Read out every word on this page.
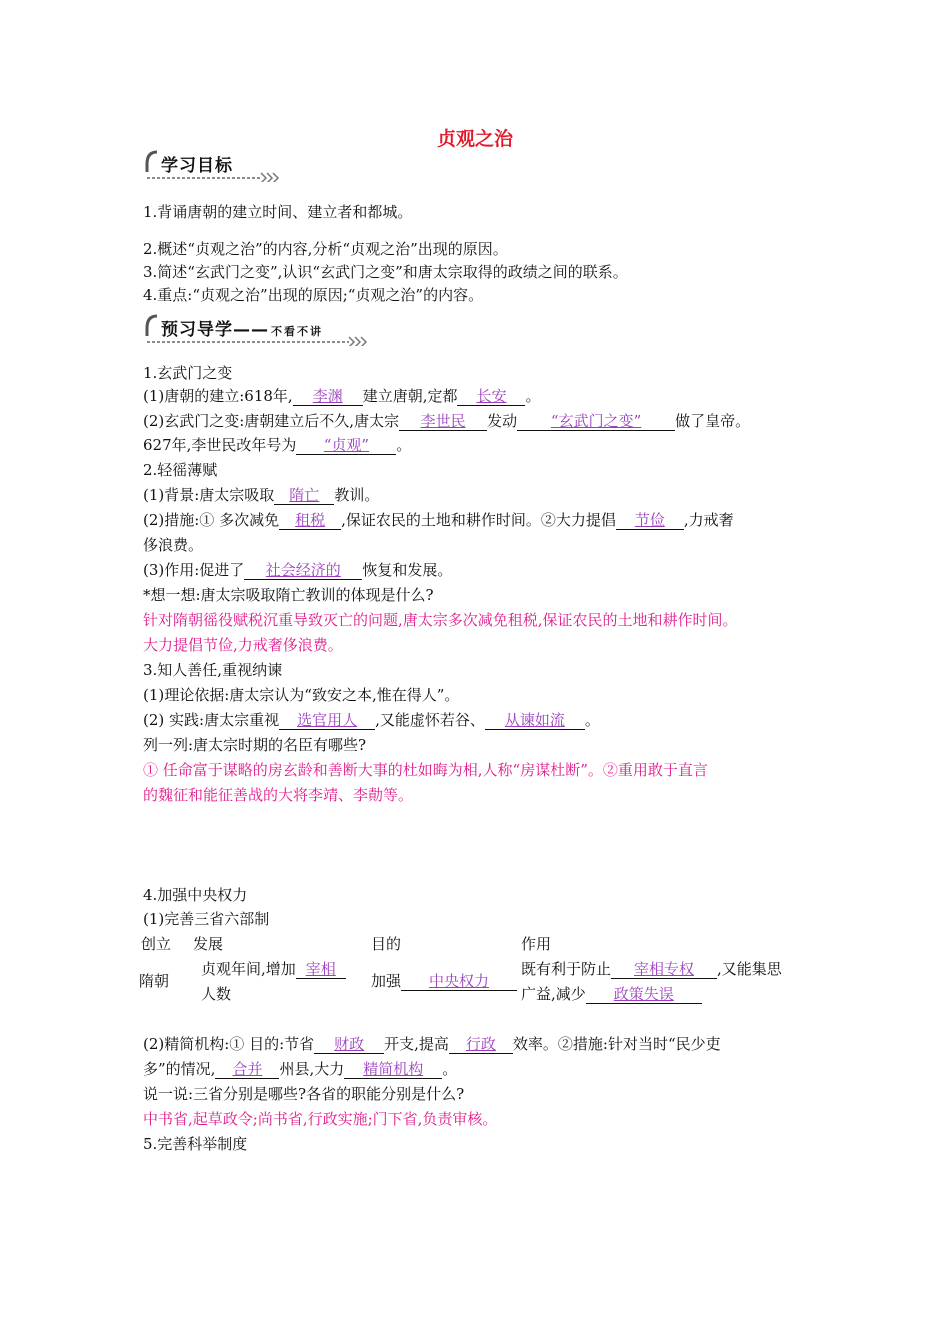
贞观之治
学习目标
1.背诵唐朝的建立时间、建立者和都城。
2.概述“贞观之治”的内容,分析“贞观之治”出现的原因。
3.简述“玄武门之变”,认识“玄武门之变”和唐太宗取得的政绩之间的联系。
4.重点:“贞观之治”出现的原因;“贞观之治”的内容。
预习导学—— 不看不讲
1.玄武门之变
(1)唐朝的建立:618年, 李渊 建立唐朝,定都 长安 。
(2)玄武门之变:唐朝建立后不久,唐太宗 李世民 发动 “玄武门之变” 做了皇帝。
627年,李世民改年号为 “贞观” 。
2.轻徭薄赋
(1)背景:唐太宗吸取 隋亡 教训。
(2)措施:① 多次减免 租税 ,保证农民的土地和耕作时间。②大力提倡 节俭 ,力戒奢
侈浪费。
(3)作用:促进了 社会经济的 恢复和发展。
*想一想:唐太宗吸取隋亡教训的体现是什么?
针对隋朝徭役赋税沉重导致灭亡的问题,唐太宗多次减免租税,保证农民的土地和耕作时间。
大力提倡节俭,力戒奢侈浪费。
3.知人善任,重视纳谏
(1)理论依据:唐太宗认为“致安之本,惟在得人”。
(2) 实践:唐太宗重视 选官用人 ,又能虚怀若谷、 从谏如流 。
列一列:唐太宗时期的名臣有哪些?
① 任命富于谋略的房玄龄和善断大事的杜如晦为相,人称“房谋杜断”。②重用敢于直言
的魏征和能征善战的大将李靖、李勣等。
4.加强中央权力
(1)完善三省六部制
创立 发展	目的	作用
隋朝
贞观年间,增加 宰相
人数
加强 中央权力
既有利于防止 宰相专权 ,又能集思
广益,减少 政策失误
(2)精简机构:① 目的:节省 财政 开支,提高 行政 效率。②措施:针对当时“民少吏
多”的情况, 合并 州县,大力 精简机构 。
说一说:三省分别是哪些?各省的职能分别是什么?
中书省,起草政令;尚书省,行政实施;门下省,负责审核。
5.完善科举制度
